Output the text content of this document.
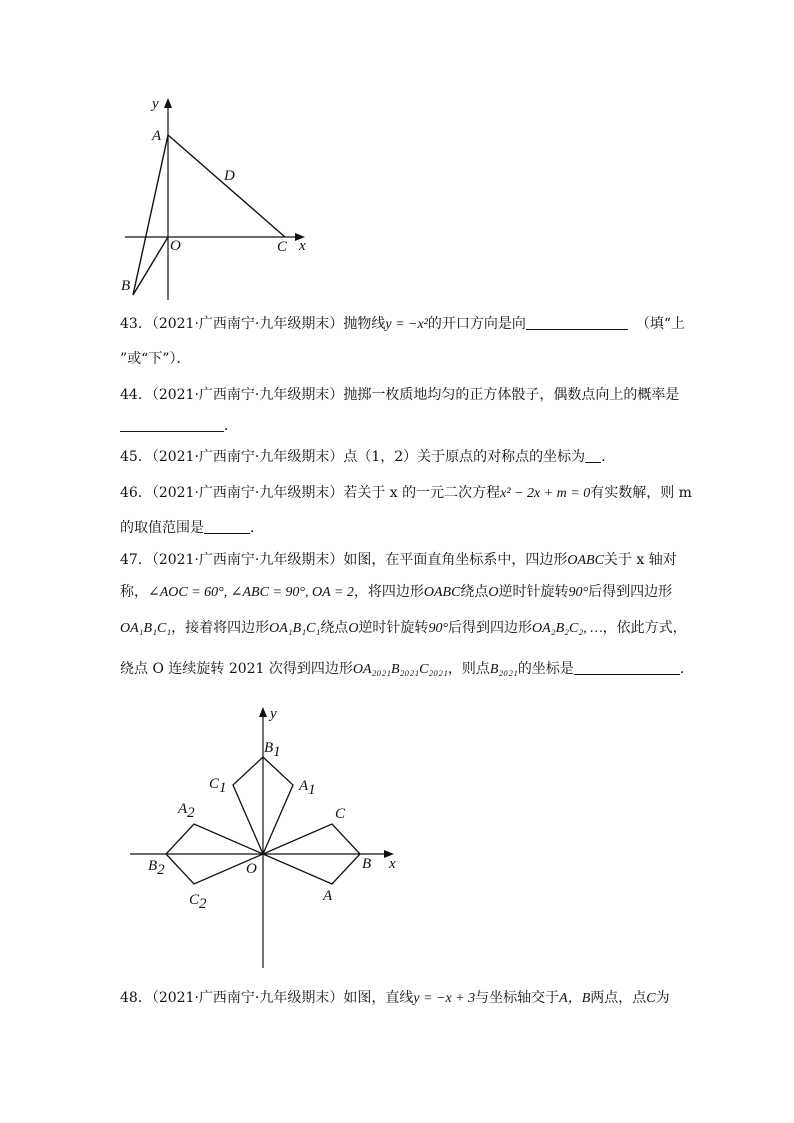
y
x
A
D
O	C
B
43．（2021·广西南宁·九年级期末）抛物线y = −x²的开口方向是向	（填“上
”或“下”）．
44．（2021·广西南宁·九年级期末）抛掷一枚质地均匀的正方体骰子，偶数点向上的概率是
．
45．（2021·广西南宁·九年级期末）点（1，2）关于原点的对称点的坐标为 ．
46．（2021·广西南宁·九年级期末）若关于 x 的一元二次方程x² − 2x + m = 0有实数解，则 m
的取值范围是	．
47．（2021·广西南宁·九年级期末）如图，在平面直角坐标系中，四边形OABC关于 x 轴对
称，∠AOC = 60°, ∠ABC = 90°, OA = 2，将四边形OABC绕点O逆时针旋转90°后得到四边形
OA₁B₁C₁，接着将四边形OA₁B₁C₁绕点O逆时针旋转90°后得到四边形OA₂B₂C₂, …，依此方式，
绕点 O 连续旋转 2021 次得到四边形OA₂₀₂₁B₂₀₂₁C₂₀₂₁，则点B₂₀₂₁的坐标是	．
y
x
O
B1
C1	A1
A2
B2
C2
C
B
A
48．（2021·广西南宁·九年级期末）如图，直线y = −x + 3与坐标轴交于A，B两点，点C为
